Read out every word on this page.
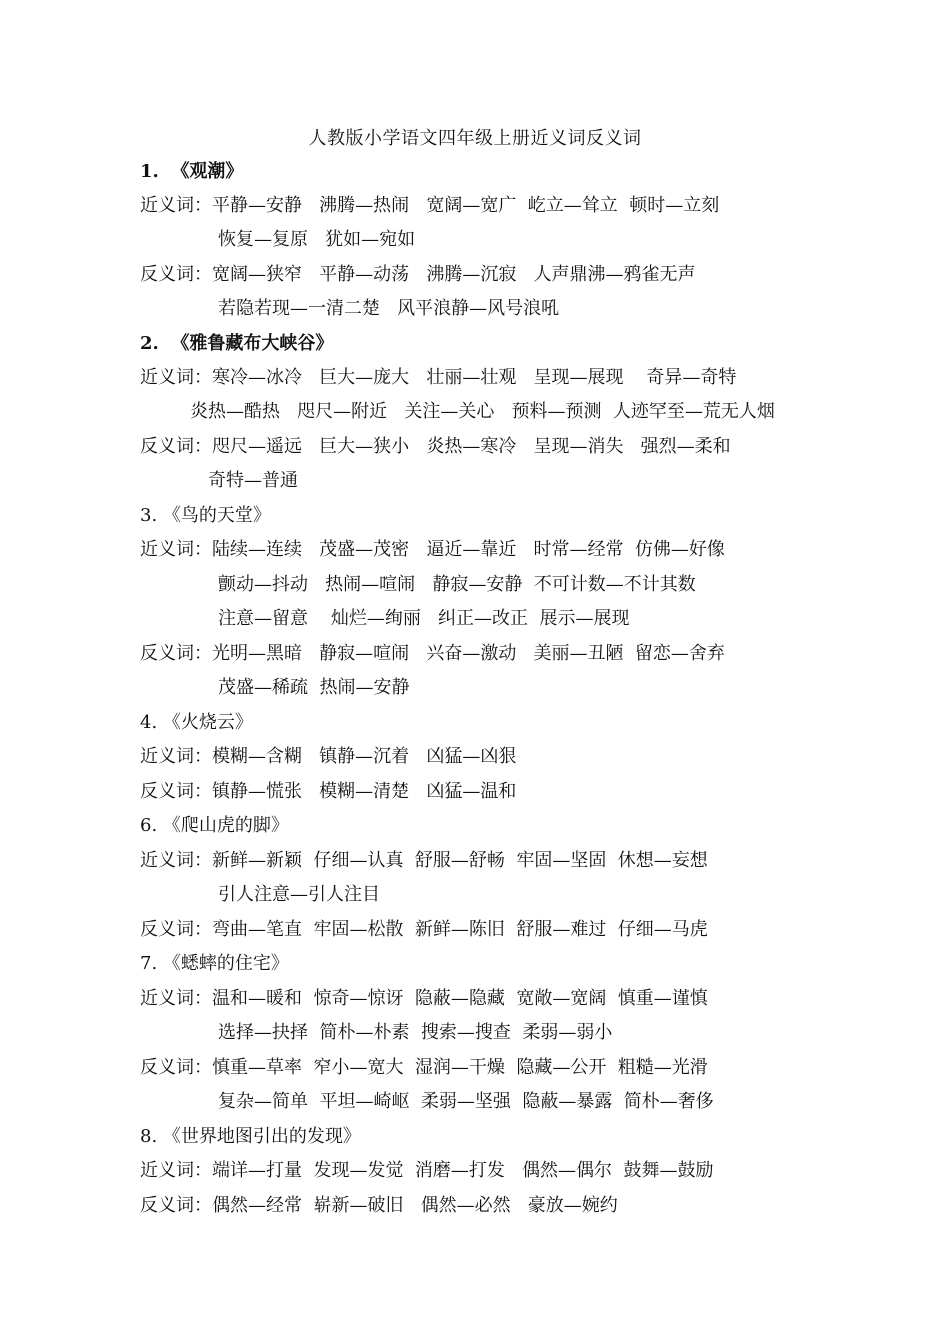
人教版小学语文四年级上册近义词反义词
1.  《观潮》
近义词：平静—安静   沸腾—热闹   宽阔—宽广  屹立—耸立  顿时—立刻
恢复—复原   犹如—宛如
反义词：宽阔—狭窄   平静—动荡   沸腾—沉寂   人声鼎沸—鸦雀无声
若隐若现—一清二楚   风平浪静—风号浪吼
2.  《雅鲁藏布大峡谷》
近义词：寒冷—冰冷   巨大—庞大   壮丽—壮观   呈现—展现    奇异—奇特
炎热—酷热   咫尺—附近   关注—关心   预料—预测  人迹罕至—荒无人烟
反义词：咫尺—遥远   巨大—狭小   炎热—寒冷   呈现—消失   强烈—柔和
奇特—普通
3. 《鸟的天堂》
近义词：陆续—连续   茂盛—茂密   逼近—靠近   时常—经常  仿佛—好像
颤动—抖动   热闹—喧闹   静寂—安静  不可计数—不计其数
注意—留意    灿烂—绚丽   纠正—改正  展示—展现
反义词：光明—黑暗   静寂—喧闹   兴奋—激动   美丽—丑陋  留恋—舍弃
茂盛—稀疏  热闹—安静
4. 《火烧云》
近义词：模糊—含糊   镇静—沉着   凶猛—凶狠
反义词：镇静—慌张   模糊—清楚   凶猛—温和
6. 《爬山虎的脚》
近义词：新鲜—新颖  仔细—认真  舒服—舒畅  牢固—坚固  休想—妄想
引人注意—引人注目
反义词：弯曲—笔直  牢固—松散  新鲜—陈旧  舒服—难过  仔细—马虎
7. 《蟋蟀的住宅》
近义词：温和—暖和  惊奇—惊讶  隐蔽—隐藏  宽敞—宽阔  慎重—谨慎
选择—抉择  简朴—朴素  搜索—搜查  柔弱—弱小
反义词：慎重—草率  窄小—宽大  湿润—干燥  隐藏—公开  粗糙—光滑
复杂—简单  平坦—崎岖  柔弱—坚强  隐蔽—暴露  简朴—奢侈
8. 《世界地图引出的发现》
近义词：端详—打量  发现—发觉  消磨—打发   偶然—偶尔  鼓舞—鼓励
反义词：偶然—经常  崭新—破旧   偶然—必然   豪放—婉约
